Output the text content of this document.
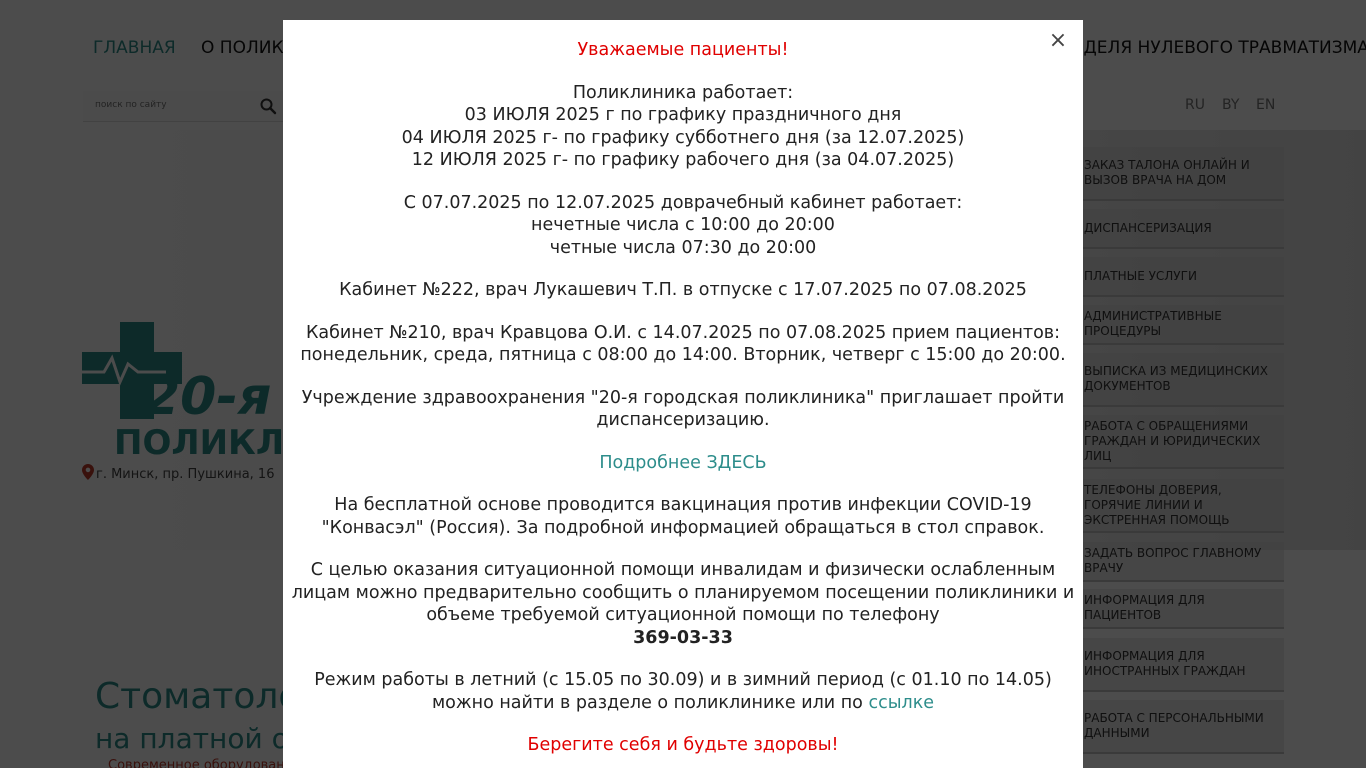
поиск по сайту
×

Уважаемые пациенты!

Поликлиника работает:
03 ИЮЛЯ 2025 г по графику праздничного дня
04 ИЮЛЯ 2025 г- по графику субботнего дня (за 12.07.2025)
12 ИЮЛЯ 2025 г- по графику рабочего дня (за 04.07.2025)

С 07.07.2025 по 12.07.2025 доврачебный кабинет работает:
нечетные числа с 10:00 до 20:00
четные числа 07:30 до 20:00

Кабинет №222, врач Лукашевич Т.П. в отпуске с 17.07.2025 по 07.08.2025

Кабинет №210, врач Кравцова О.И. с 14.07.2025 по 07.08.2025 прием пациентов:
понедельник, среда, пятница с 08:00 до 14:00. Вторник, четверг с 15:00 до 20:00.

Учреждение здравоохранения "20-я городская поликлиника" приглашает пройти
диспансеризацию.

Подробнее ЗДЕСЬ

На бесплатной основе проводится вакцинация против инфекции COVID-19
"Конвасэл" (Россия). За подробной информацией обращаться в стол справок.

С целью оказания ситуационной помощи инвалидам и физически ослабленным
лицам можно предварительно сообщить о планируемом посещении поликлиники и
объеме требуемой ситуационной помощи по телефону
369-03-33

Режим работы в летний (с 15.05 по 30.09) и в зимний период (с 01.10 по 14.05)
можно найти в разделе о поликлинике или по ссылке

Берегите себя и будьте здоровы!
